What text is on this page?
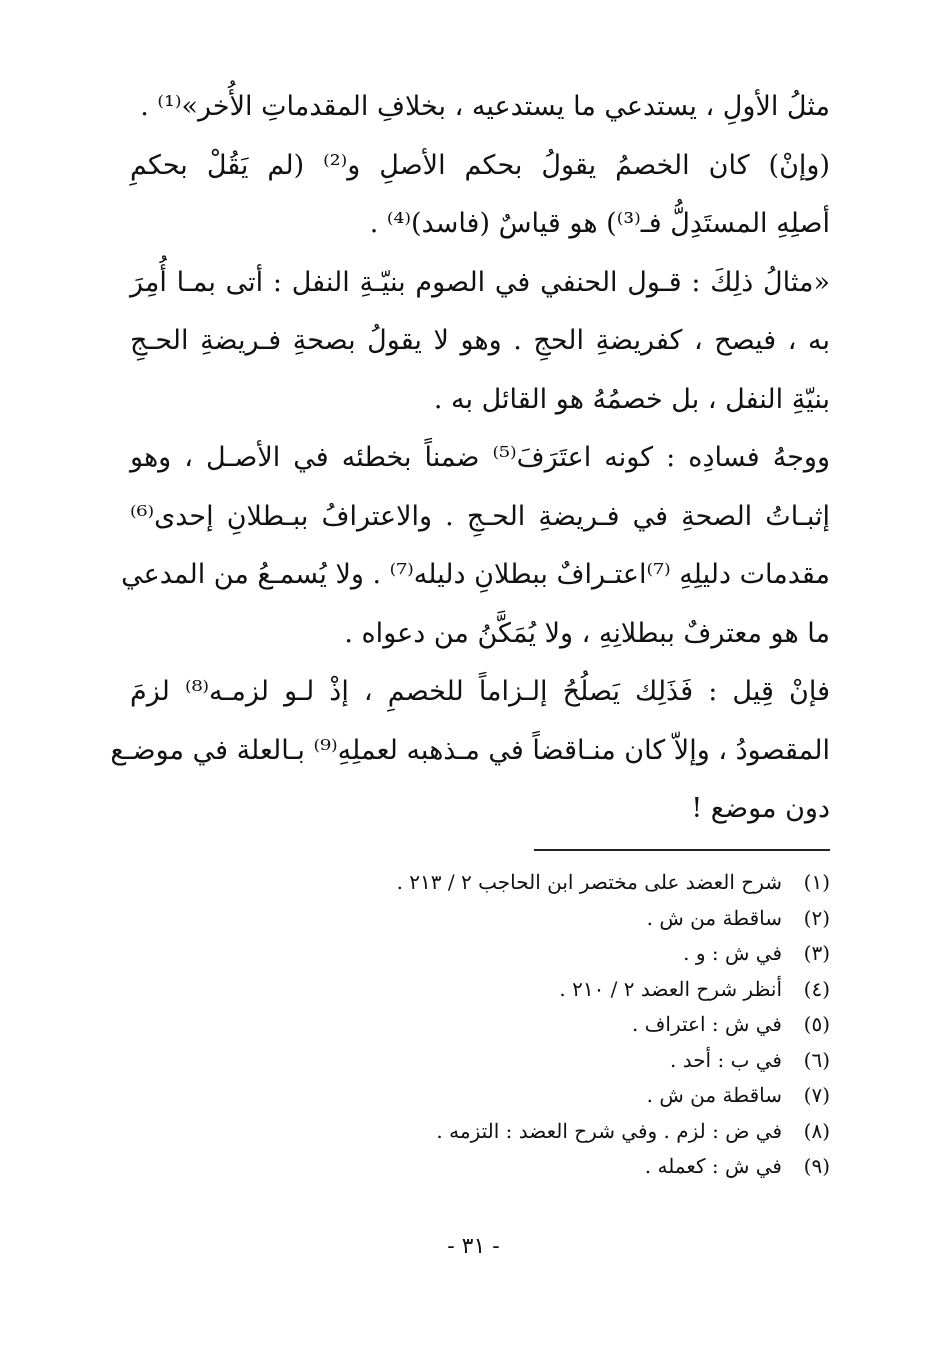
مثلُ الأولِ ، يستدعي ما يستدعيه ، بخلافِ المقدماتِ الأُخر»⁽¹⁾ .
(وإنْ) كان الخصمُ يقولُ بحكم الأصلِ و⁽²⁾ (لم يَقُلْ بحكمِ
أصلِهِ المستَدِلُّ فـ⁽³⁾) هو قياسٌ (فاسد)⁽⁴⁾ .
«مثالُ ذلِكَ : قـول الحنفي في الصوم بنيّـةِ النفل : أتى بمـا أُمِرَ
به ، فيصح ، كفريضةِ الحجِ . وهو لا يقولُ بصحةِ فـريضةِ الحـجِ
بنيّةِ النفل ، بل خصمُهُ هو القائل به .
ووجهُ فسادِه : كونه اعتَرَفَ⁽⁵⁾ ضمناً بخطئه في الأصـل ، وهو
إثبـاتُ الصحةِ في فـريضةِ الحـجِ . والاعترافُ ببـطلانِ إحدى⁽⁶⁾
مقدمات دليلِهِ ⁽⁷⁾اعتـرافٌ ببطلانِ دليله⁽⁷⁾ . ولا يُسمـعُ من المدعي
ما هو معترفٌ ببطلانِهِ ، ولا يُمَكَّنُ من دعواه .
فإنْ قِيل : فَذَلِك يَصلُحُ إلـزاماً للخصمِ ، إذْ لـو لزمـه⁽⁸⁾ لزمَ
المقصودُ ، وإلاّ كان منـاقضاً في مـذهبه لعملِهِ⁽⁹⁾ بـالعلة في موضـع
دون موضع !
(١)شرح العضد على مختصر ابن الحاجب ٢ / ٢١٣ .
(٢)ساقطة من ش .
(٣)في ش : و .
(٤)أنظر شرح العضد ٢ / ٢١٠ .
(٥)في ش : اعتراف .
(٦)في ب : أحد .
(٧)ساقطة من ش .
(٨)في ض : لزم . وفي شرح العضد : التزمه .
(٩)في ش : كعمله .
- ٣١ -
